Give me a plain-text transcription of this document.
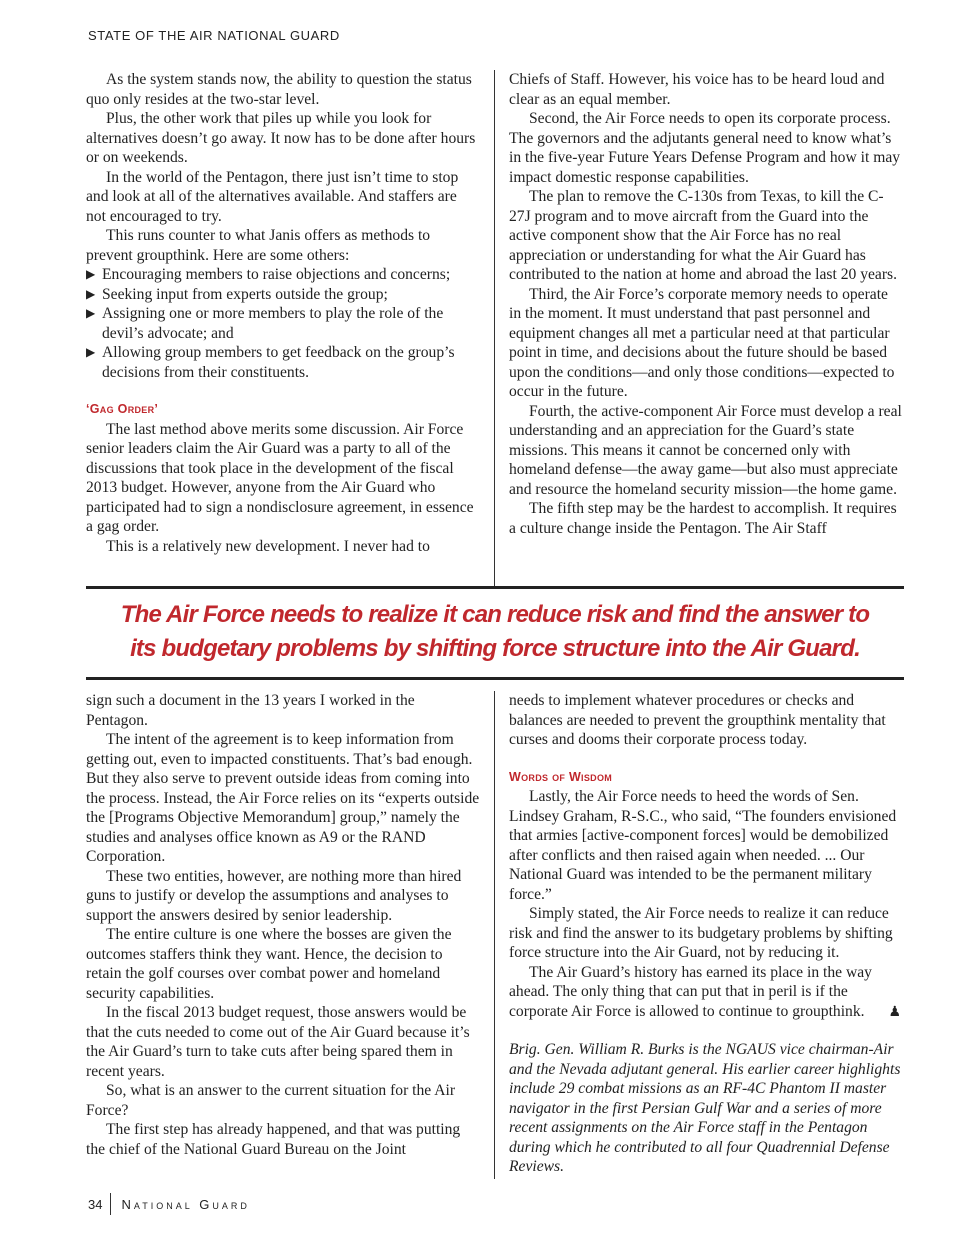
STATE OF THE AIR NATIONAL GUARD

As the system stands now, the ability to question the status quo only resides at the two-star level.

Plus, the other work that piles up while you look for alternatives doesn’t go away. It now has to be done after hours or on weekends.

In the world of the Pentagon, there just isn’t time to stop and look at all of the alternatives available. And staffers are not encouraged to try.

This runs counter to what Janis offers as methods to prevent groupthink. Here are some others:

▶ Encouraging members to raise objections and concerns;
▶ Seeking input from experts outside the group;
▶ Assigning one or more members to play the role of the devil’s advocate; and
▶ Allowing group members to get feedback on the group’s decisions from their constituents.
‘Gag Order’

The last method above merits some discussion. Air Force senior leaders claim the Air Guard was a party to all of the discussions that took place in the development of the fiscal 2013 budget. However, anyone from the Air Guard who participated had to sign a nondisclosure agreement, in essence a gag order.

This is a relatively new development. I never had to

Chiefs of Staff. However, his voice has to be heard loud and clear as an equal member.

Second, the Air Force needs to open its corporate process. The governors and the adjutants general need to know what’s in the five-year Future Years Defense Program and how it may impact domestic response capabilities.

The plan to remove the C-130s from Texas, to kill the C-27J program and to move aircraft from the Guard into the active component show that the Air Force has no real appreciation or understanding for what the Air Guard has contributed to the nation at home and abroad the last 20 years.

Third, the Air Force’s corporate memory needs to operate in the moment. It must understand that past personnel and equipment changes all met a particular need at that particular point in time, and decisions about the future should be based upon the conditions—and only those conditions—expected to occur in the future.

Fourth, the active-component Air Force must develop a real understanding and an appreciation for the Guard’s state missions. This means it cannot be concerned only with homeland defense—the away game—but also must appreciate and resource the homeland security mission—the home game.

The fifth step may be the hardest to accomplish. It requires a culture change inside the Pentagon. The Air Staff

The Air Force needs to realize it can reduce risk and find the answer to
its budgetary problems by shifting force structure into the Air Guard.

sign such a document in the 13 years I worked in the Pentagon.

The intent of the agreement is to keep information from getting out, even to impacted constituents. That’s bad enough. But they also serve to prevent outside ideas from coming into the process. Instead, the Air Force relies on its “experts outside the [Programs Objective Memorandum] group,” namely the studies and analyses office known as A9 or the RAND Corporation.

These two entities, however, are nothing more than hired guns to justify or develop the assumptions and analyses to support the answers desired by senior leadership.

The entire culture is one where the bosses are given the outcomes staffers think they want. Hence, the decision to retain the golf courses over combat power and homeland security capabilities.

In the fiscal 2013 budget request, those answers would be that the cuts needed to come out of the Air Guard because it’s the Air Guard’s turn to take cuts after being spared them in recent years.

So, what is an answer to the current situation for the Air Force?

The first step has already happened, and that was putting the chief of the National Guard Bureau on the Joint

needs to implement whatever procedures or checks and balances are needed to prevent the groupthink mentality that curses and dooms their corporate process today.

Words of Wisdom

Lastly, the Air Force needs to heed the words of Sen. Lindsey Graham, R-S.C., who said, “The founders envisioned that armies [active-component forces] would be demobilized after conflicts and then raised again when needed. ... Our National Guard was intended to be the permanent military force.”

Simply stated, the Air Force needs to realize it can reduce risk and find the answer to its budgetary problems by shifting force structure into the Air Guard, not by reducing it.

The Air Guard’s history has earned its place in the way ahead. The only thing that can put that in peril is if the corporate Air Force is allowed to continue to groupthink. ♟

Brig. Gen. William R. Burks is the NGAUS vice chairman-Air and the Nevada adjutant general. His earlier career highlights include 29 combat missions as an RF-4C Phantom II master navigator in the first Persian Gulf War and a series of more recent assignments on the Air Force staff in the Pentagon during which he contributed to all four Quadrennial Defense Reviews.

34 National Guard
